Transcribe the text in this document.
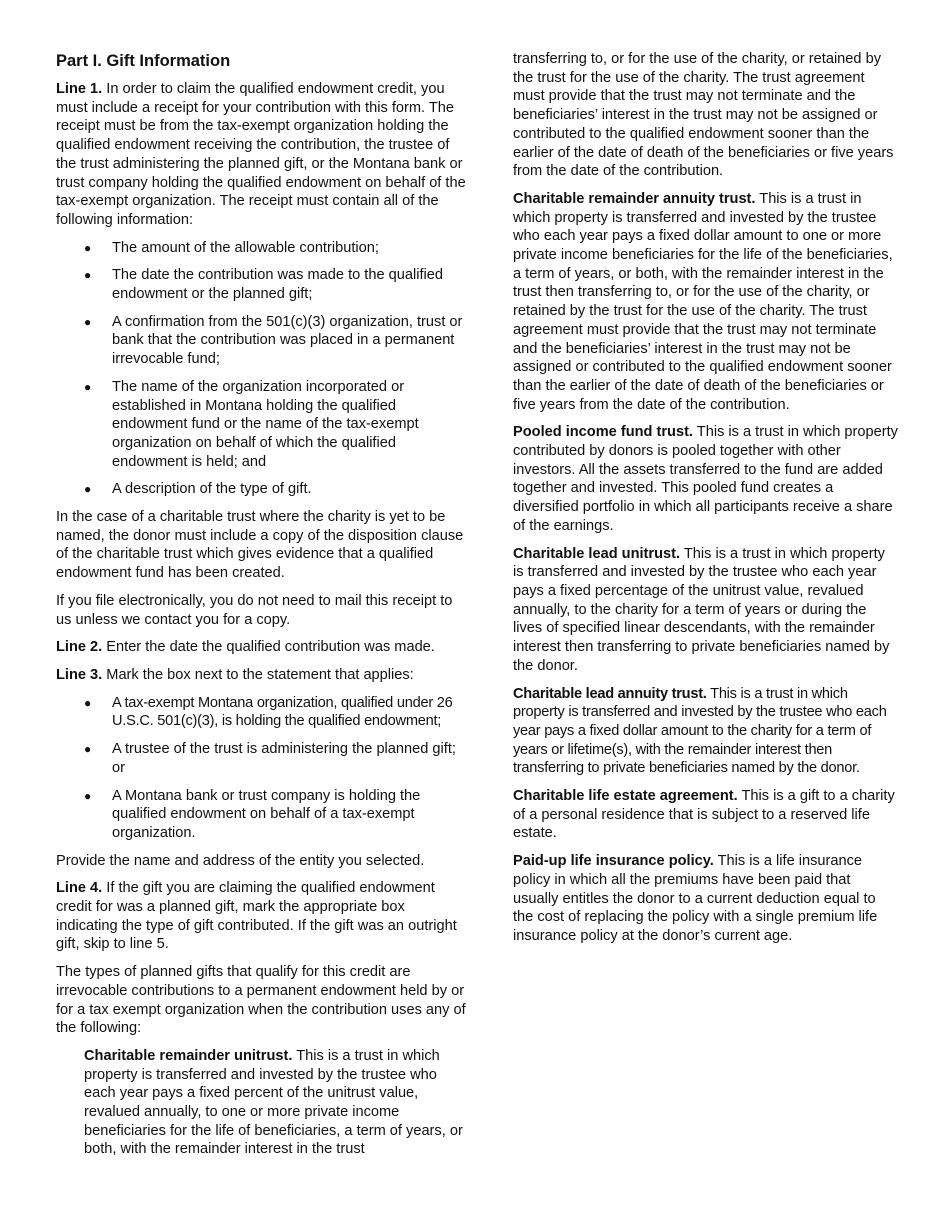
Part I. Gift Information

Line 1. In order to claim the qualified endowment credit, you must include a receipt for your contribution with this form. The receipt must be from the tax-exempt organization holding the qualified endowment receiving the contribution, the trustee of the trust administering the planned gift, or the Montana bank or trust company holding the qualified endowment on behalf of the tax-exempt organization. The receipt must contain all of the following information:

● The amount of the allowable contribution;
● The date the contribution was made to the qualified endowment or the planned gift;
● A confirmation from the 501(c)(3) organization, trust or bank that the contribution was placed in a permanent irrevocable fund;
● The name of the organization incorporated or established in Montana holding the qualified endowment fund or the name of the tax-exempt organization on behalf of which the qualified endowment is held; and
● A description of the type of gift.

In the case of a charitable trust where the charity is yet to be named, the donor must include a copy of the disposition clause of the charitable trust which gives evidence that a qualified endowment fund has been created.

If you file electronically, you do not need to mail this receipt to us unless we contact you for a copy.

Line 2. Enter the date the qualified contribution was made.

Line 3. Mark the box next to the statement that applies:

● A tax-exempt Montana organization, qualified under 26 U.S.C. 501(c)(3), is holding the qualified endowment;
● A trustee of the trust is administering the planned gift; or
● A Montana bank or trust company is holding the qualified endowment on behalf of a tax-exempt organization.

Provide the name and address of the entity you selected.

Line 4. If the gift you are claiming the qualified endowment credit for was a planned gift, mark the appropriate box indicating the type of gift contributed. If the gift was an outright gift, skip to line 5.

The types of planned gifts that qualify for this credit are irrevocable contributions to a permanent endowment held by or for a tax exempt organization when the contribution uses any of the following:

Charitable remainder unitrust. This is a trust in which property is transferred and invested by the trustee who each year pays a fixed percent of the unitrust value, revalued annually, to one or more private income beneficiaries for the life of beneficiaries, a term of years, or both, with the remainder interest in the trust

transferring to, or for the use of the charity, or retained by the trust for the use of the charity. The trust agreement must provide that the trust may not terminate and the beneficiaries’ interest in the trust may not be assigned or contributed to the qualified endowment sooner than the earlier of the date of death of the beneficiaries or five years from the date of the contribution.

Charitable remainder annuity trust. This is a trust in which property is transferred and invested by the trustee who each year pays a fixed dollar amount to one or more private income beneficiaries for the life of the beneficiaries, a term of years, or both, with the remainder interest in the trust then transferring to, or for the use of the charity, or retained by the trust for the use of the charity. The trust agreement must provide that the trust may not terminate and the beneficiaries’ interest in the trust may not be assigned or contributed to the qualified endowment sooner than the earlier of the date of death of the beneficiaries or five years from the date of the contribution.

Pooled income fund trust. This is a trust in which property contributed by donors is pooled together with other investors. All the assets transferred to the fund are added together and invested. This pooled fund creates a diversified portfolio in which all participants receive a share of the earnings.

Charitable lead unitrust. This is a trust in which property is transferred and invested by the trustee who each year pays a fixed percentage of the unitrust value, revalued annually, to the charity for a term of years or during the lives of specified linear descendants, with the remainder interest then transferring to private beneficiaries named by the donor.

Charitable lead annuity trust. This is a trust in which property is transferred and invested by the trustee who each year pays a fixed dollar amount to the charity for a term of years or lifetime(s), with the remainder interest then transferring to private beneficiaries named by the donor.

Charitable life estate agreement. This is a gift to a charity of a personal residence that is subject to a reserved life estate.

Paid-up life insurance policy. This is a life insurance policy in which all the premiums have been paid that usually entitles the donor to a current deduction equal to the cost of replacing the policy with a single premium life insurance policy at the donor’s current age.
